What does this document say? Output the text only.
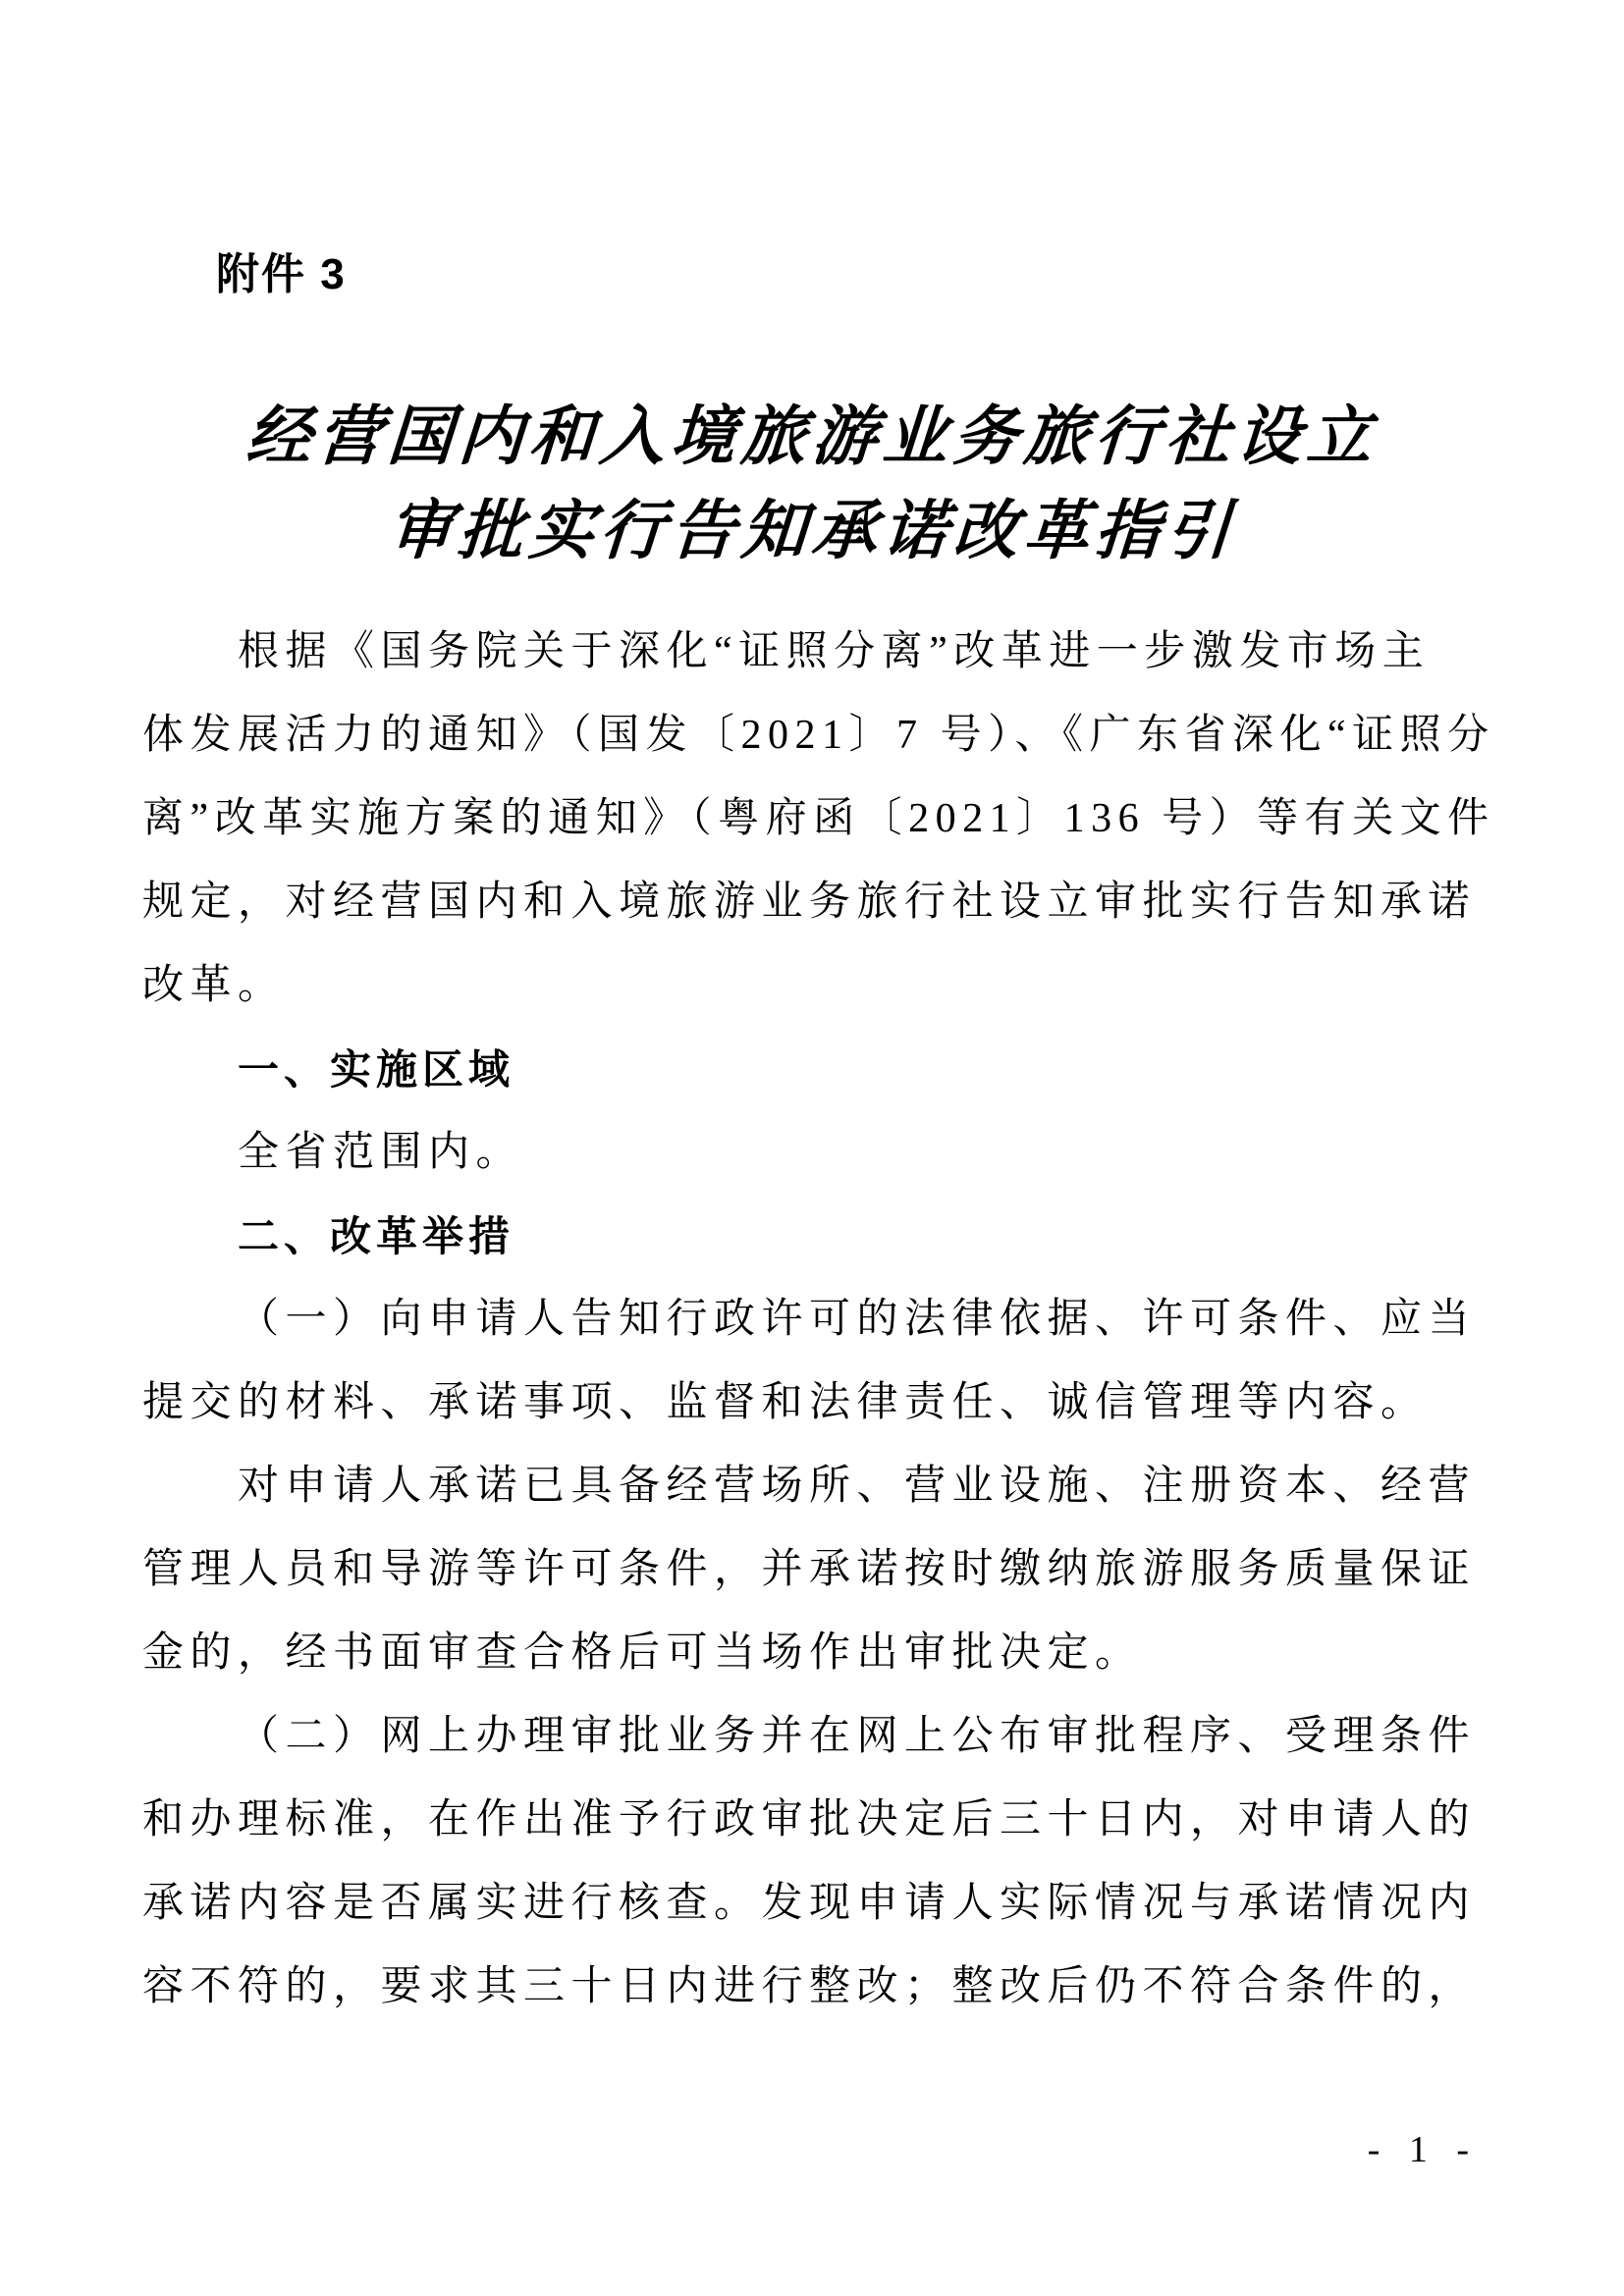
附件 3
经营国内和入境旅游业务旅行社设立
审批实行告知承诺改革指引
根据《国务院关于深化“证照分离”改革进一步激发市场主
体发展活力的通知》（国发〔2021〕7 号）、《广东省深化“证照分
离”改革实施方案的通知》（粤府函〔2021〕136 号）等有关文件
规定，对经营国内和入境旅游业务旅行社设立审批实行告知承诺
改革。
一、实施区域
全省范围内。
二、改革举措
（一）向申请人告知行政许可的法律依据、许可条件、应当
提交的材料、承诺事项、监督和法律责任、诚信管理等内容。
对申请人承诺已具备经营场所、营业设施、注册资本、经营
管理人员和导游等许可条件，并承诺按时缴纳旅游服务质量保证
金的，经书面审查合格后可当场作出审批决定。
（二）网上办理审批业务并在网上公布审批程序、受理条件
和办理标准，在作出准予行政审批决定后三十日内，对申请人的
承诺内容是否属实进行核查。发现申请人实际情况与承诺情况内
容不符的，要求其三十日内进行整改；整改后仍不符合条件的，
- 1 -
